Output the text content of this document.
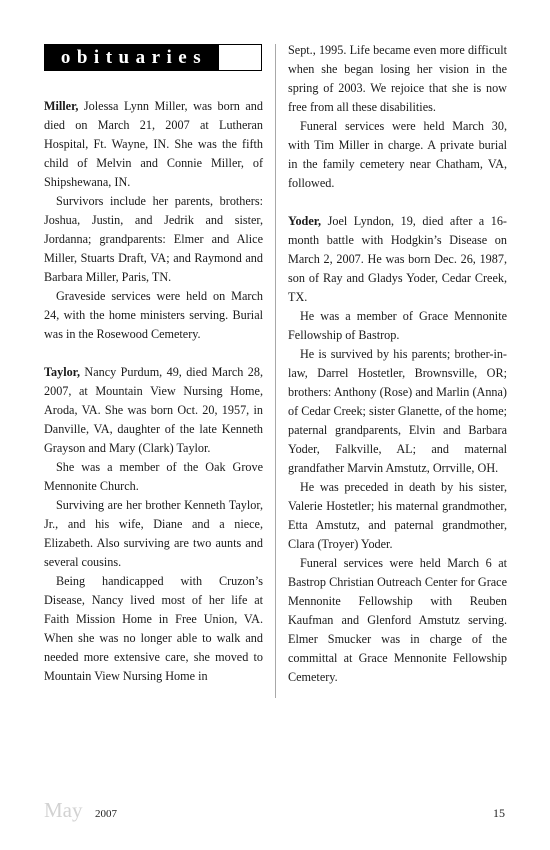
obituaries

Miller, Jolessa Lynn Miller, was born and died on March 21, 2007 at Lutheran Hospital, Ft. Wayne, IN. She was the fifth child of Melvin and Connie Miller, of Shipshewana, IN.

Survivors include her parents, brothers: Joshua, Justin, and Jedrik and sister, Jordanna; grandparents: Elmer and Alice Miller, Stuarts Draft, VA; and Raymond and Barbara Miller, Paris, TN.

Graveside services were held on March 24, with the home ministers serving. Burial was in the Rosewood Cemetery.

Taylor, Nancy Purdum, 49, died March 28, 2007, at Mountain View Nursing Home, Aroda, VA. She was born Oct. 20, 1957, in Danville, VA, daughter of the late Kenneth Grayson and Mary (Clark) Taylor.

She was a member of the Oak Grove Mennonite Church.

Surviving are her brother Kenneth Taylor, Jr., and his wife, Diane and a niece, Elizabeth. Also surviving are two aunts and several cousins.

Being handicapped with Cruzon’s Disease, Nancy lived most of her life at Faith Mission Home in Free Union, VA. When she was no longer able to walk and needed more extensive care, she moved to Mountain View Nursing Home in

Sept., 1995. Life became even more difficult when she began losing her vision in the spring of 2003. We rejoice that she is now free from all these disabilities.

Funeral services were held March 30, with Tim Miller in charge. A private burial in the family cemetery near Chatham, VA, followed.

Yoder, Joel Lyndon, 19, died after a 16-month battle with Hodgkin’s Disease on March 2, 2007. He was born Dec. 26, 1987, son of Ray and Gladys Yoder, Cedar Creek, TX.

He was a member of Grace Mennonite Fellowship of Bastrop.

He is survived by his parents; brother-in-law, Darrel Hostetler, Brownsville, OR; brothers: Anthony (Rose) and Marlin (Anna) of Cedar Creek; sister Glanette, of the home; paternal grandparents, Elvin and Barbara Yoder, Falkville, AL; and maternal grandfather Marvin Amstutz, Orrville, OH.

He was preceded in death by his sister, Valerie Hostetler; his maternal grandmother, Etta Amstutz, and paternal grandmother, Clara (Troyer) Yoder.

Funeral services were held March 6 at Bastrop Christian Outreach Center for Grace Mennonite Fellowship with Reuben Kaufman and Glenford Amstutz serving. Elmer Smucker was in charge of the committal at Grace Mennonite Fellowship Cemetery.

May 2007	15
